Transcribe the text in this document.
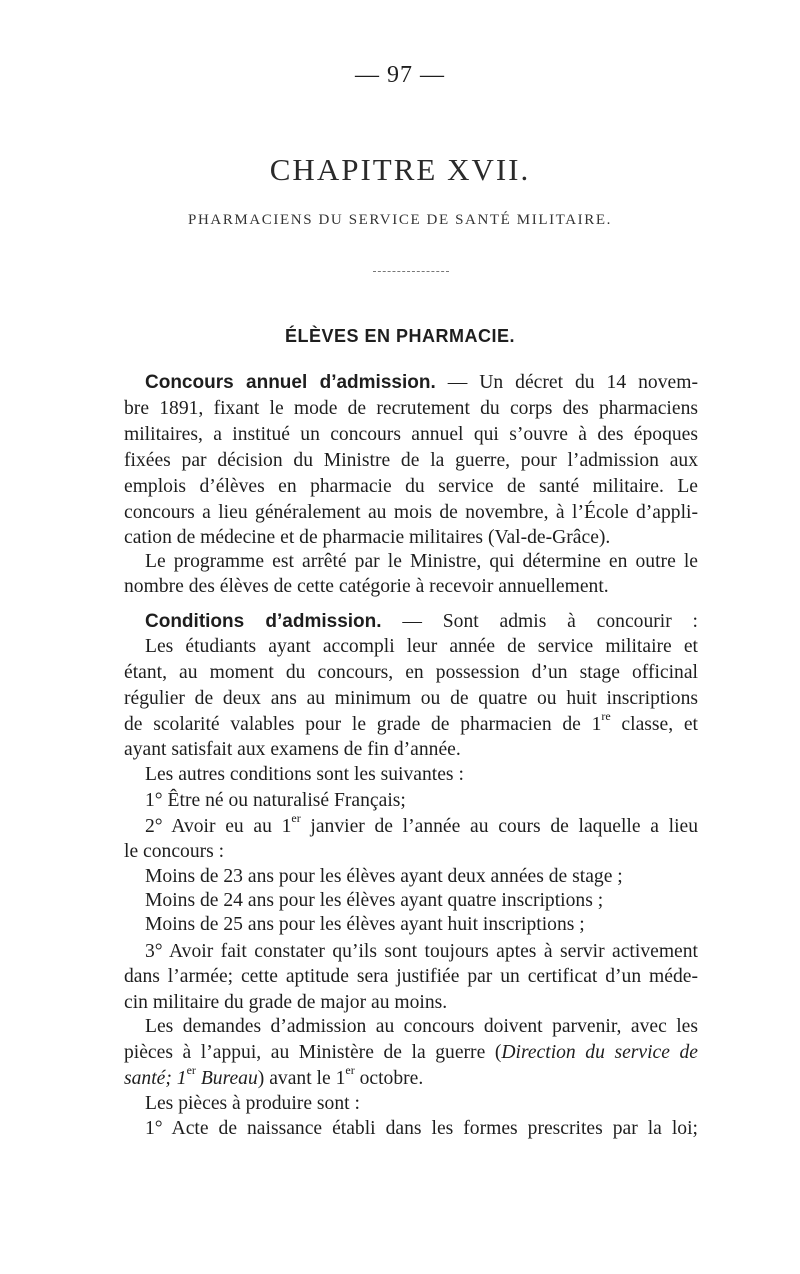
— 97 —
CHAPITRE XVII.
PHARMACIENS DU SERVICE DE SANTÉ MILITAIRE.
ÉLÈVES EN PHARMACIE.
Concours annuel d’admission. — Un décret du 14 novem-
bre 1891, fixant le mode de recrutement du corps des pharmaciens
militaires, a institué un concours annuel qui s’ouvre à des époques
fixées par décision du Ministre de la guerre, pour l’admission aux
emplois d’élèves en pharmacie du service de santé militaire. Le
concours a lieu généralement au mois de novembre, à l’École d’appli-
cation de médecine et de pharmacie militaires (Val-de-Grâce).
Le programme est arrêté par le Ministre, qui détermine en outre le
nombre des élèves de cette catégorie à recevoir annuellement.
Conditions d’admission. — Sont admis à concourir :
Les étudiants ayant accompli leur année de service militaire et
étant, au moment du concours, en possession d’un stage officinal
régulier de deux ans au minimum ou de quatre ou huit inscriptions
de scolarité valables pour le grade de pharmacien de 1re classe, et
ayant satisfait aux examens de fin d’année.
Les autres conditions sont les suivantes :
1° Être né ou naturalisé Français;
2° Avoir eu au 1er janvier de l’année au cours de laquelle a lieu
le concours :
Moins de 23 ans pour les élèves ayant deux années de stage ;
Moins de 24 ans pour les élèves ayant quatre inscriptions ;
Moins de 25 ans pour les élèves ayant huit inscriptions ;
3° Avoir fait constater qu’ils sont toujours aptes à servir activement
dans l’armée; cette aptitude sera justifiée par un certificat d’un méde-
cin militaire du grade de major au moins.
Les demandes d’admission au concours doivent parvenir, avec les
pièces à l’appui, au Ministère de la guerre (Direction du service de
santé; 1er Bureau) avant le 1er octobre.
Les pièces à produire sont :
1° Acte de naissance établi dans les formes prescrites par la loi;
